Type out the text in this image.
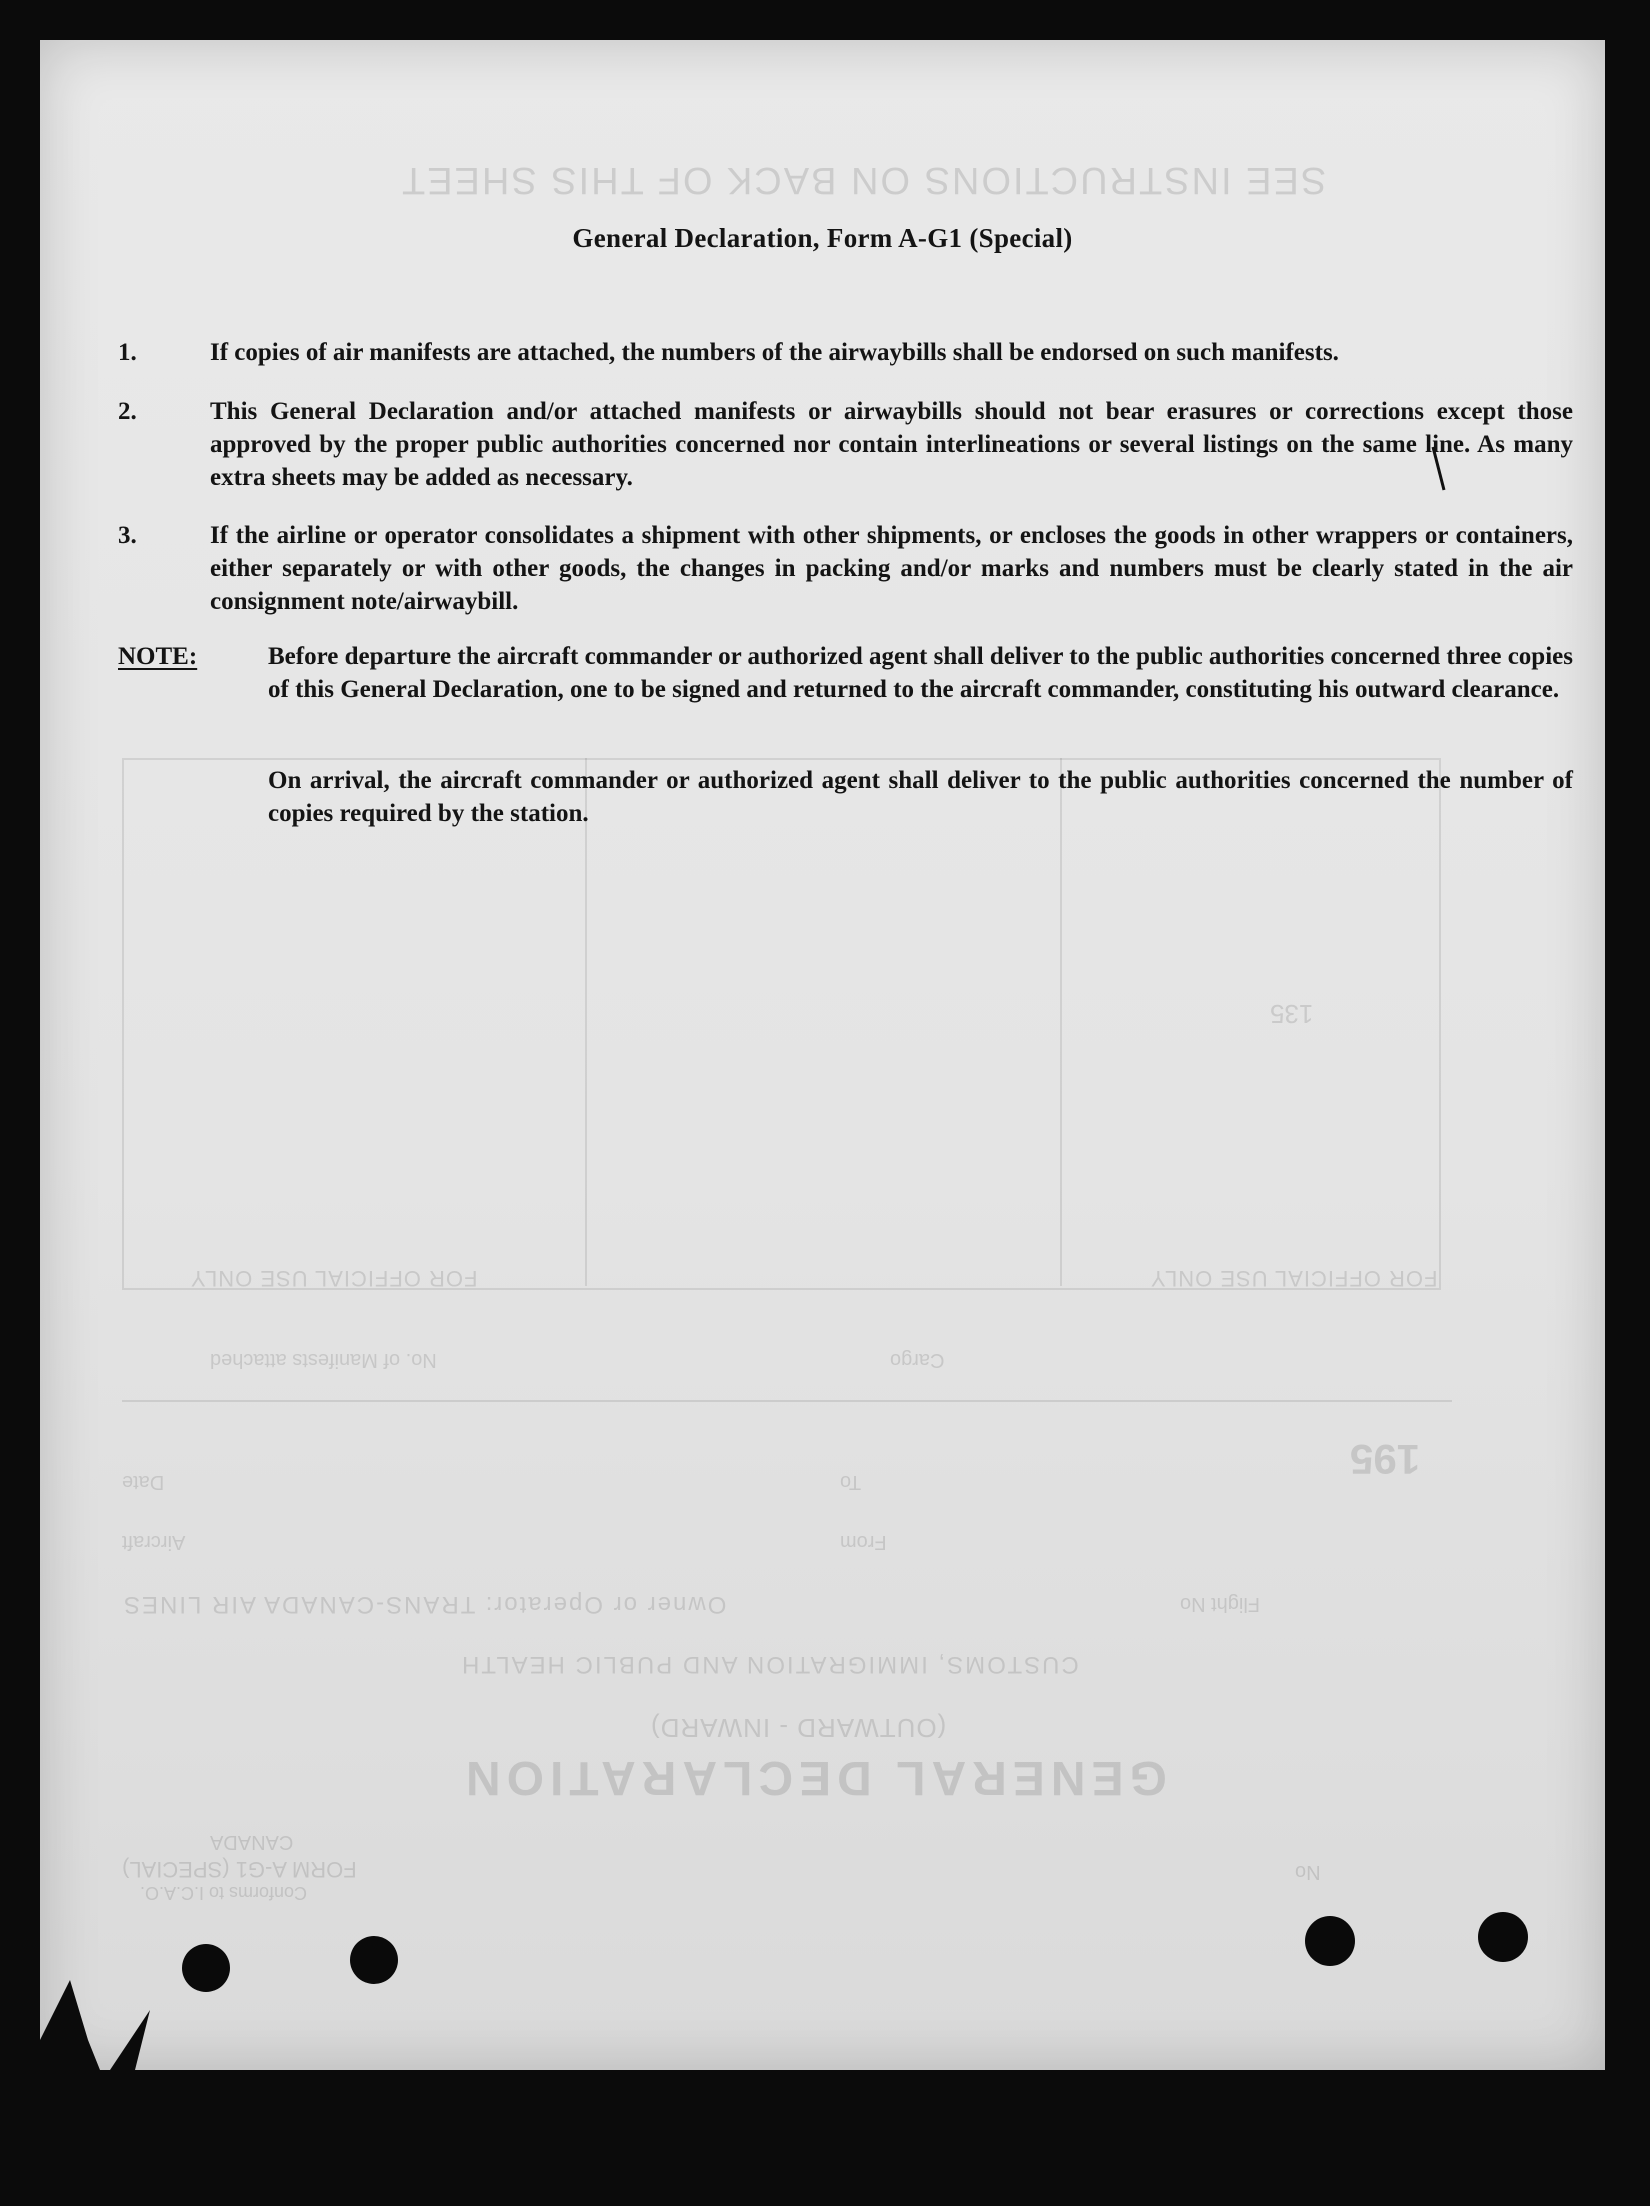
SEE INSTRUCTIONS ON BACK OF THIS SHEET
FOR OFFICIAL USE ONLY	FOR OFFICIAL USE ONLY
135
No. of Manifests attached	Cargo
195
Date	To
Aircraft	From
Owner or Operator: TRANS-CANADA AIR LINES	Flight No
CUSTOMS, IMMIGRATION AND PUBLIC HEALTH
(OUTWARD - INWARD)
GENERAL DECLARATION
CANADA
FORM A-G1 (SPECIAL)
Conforms to I.C.A.O.
No
General Declaration, Form A-G1 (Special)
1.	If copies of air manifests are attached, the numbers of the airwaybills shall be endorsed on such manifests.
2.	This General Declaration and/or attached manifests or airwaybills should not bear erasures or corrections except those approved by the proper public authorities concerned nor contain interlineations or several listings on the same line. As many extra sheets may be added as necessary.
3.	If the airline or operator consolidates a shipment with other shipments, or encloses the goods in other wrappers or containers, either separately or with other goods, the changes in packing and/or marks and numbers must be clearly stated in the air consignment note/airwaybill.
NOTE:	Before departure the aircraft commander or authorized agent shall deliver to the public authorities concerned three copies of this General Declaration, one to be signed and returned to the aircraft commander, constituting his outward clearance.
On arrival, the aircraft commander or authorized agent shall deliver to the public authorities concerned the number of copies required by the station.
